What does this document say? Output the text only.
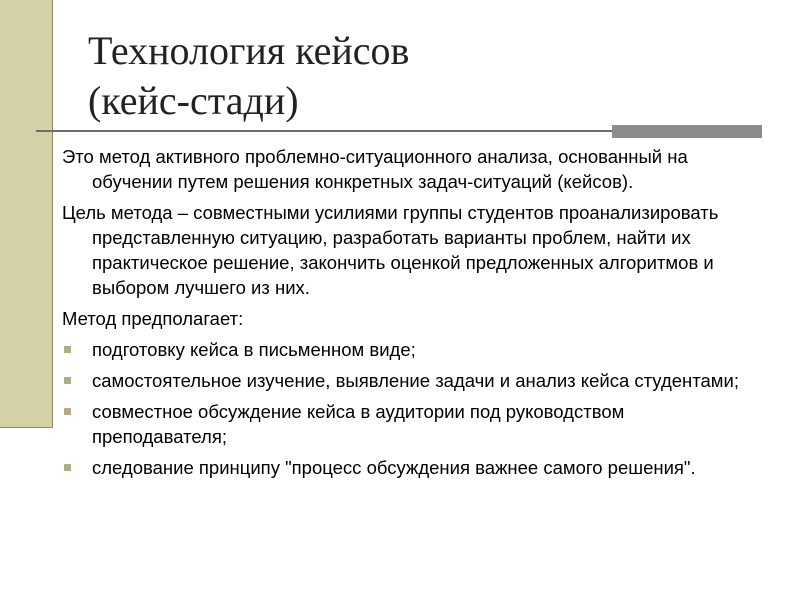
Технология кейсов
(кейс-стади)

Это метод активного проблемно-ситуационного анализа, основанный на обучении путем решения конкретных задач-ситуаций (кейсов).

Цель метода – совместными усилиями группы студентов проанализировать представленную ситуацию, разработать варианты проблем, найти их практическое решение, закончить оценкой предложенных алгоритмов и выбором лучшего из них.

Метод предполагает:

подготовку кейса в письменном виде;
самостоятельное изучение, выявление задачи и анализ кейса студентами;
совместное обсуждение кейса в аудитории под руководством преподавателя;
следование принципу "процесс обсуждения важнее самого решения".
